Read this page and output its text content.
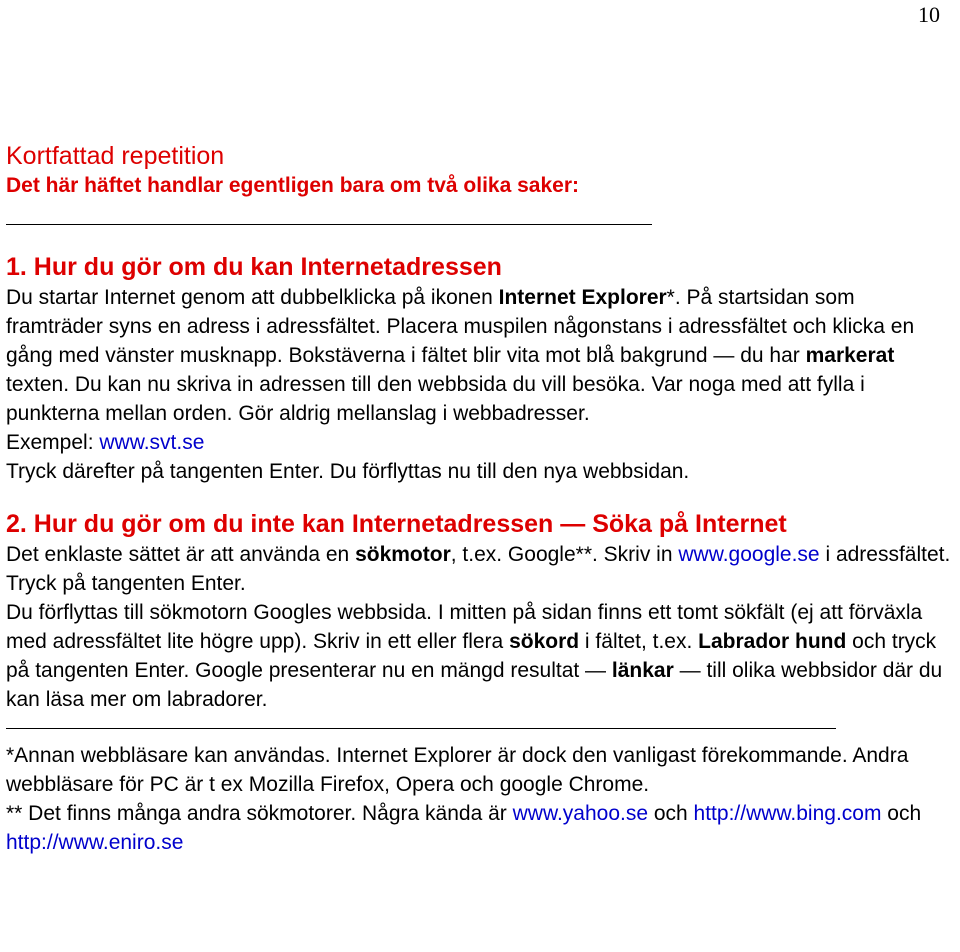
10
Kortfattad repetition
Det här häftet handlar egentligen bara om två olika saker:
1. Hur du gör om du kan Internetadressen

Du startar Internet genom att dubbelklicka på ikonen Internet Explorer*. På startsidan som framträder syns en adress i adressfältet. Placera muspilen någonstans i adressfältet och klicka en gång med vänster musknapp. Bokstäverna i fältet blir vita mot blå bakgrund — du har markerat texten. Du kan nu skriva in adressen till den webbsida du vill besöka. Var noga med att fylla i punkterna mellan orden. Gör aldrig mellanslag i webbadresser.

Exempel: www.svt.se

Tryck därefter på tangenten Enter. Du förflyttas nu till den nya webbsidan.

2. Hur du gör om du inte kan Internetadressen — Söka på Internet

Det enklaste sättet är att använda en sökmotor, t.ex. Google**. Skriv in www.google.se i adressfältet. Tryck på tangenten Enter.

Du förflyttas till sökmotorn Googles webbsida. I mitten på sidan finns ett tomt sökfält (ej att förväxla med adressfältet lite högre upp). Skriv in ett eller flera sökord i fältet, t.ex. Labrador hund och tryck på tangenten Enter. Google presenterar nu en mängd resultat — länkar — till olika webbsidor där du kan läsa mer om labradorer.

*Annan webbläsare kan användas. Internet Explorer är dock den vanligast förekommande. Andra webbläsare för PC är t ex Mozilla Firefox, Opera och google Chrome.

** Det finns många andra sökmotorer. Några kända är www.yahoo.se och http://www.bing.com och http://www.eniro.se
